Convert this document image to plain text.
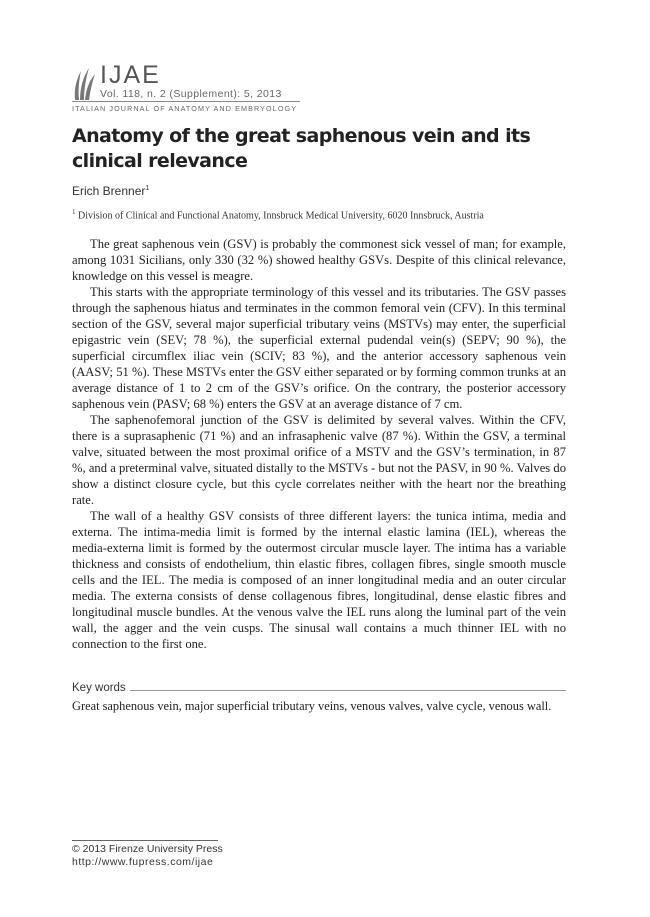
IJAE
Vol. 118, n. 2 (Supplement): 5, 2013
ITALIAN JOURNAL OF ANATOMY AND EMBRYOLOGY
Anatomy of the great saphenous vein and its clinical relevance
Erich Brenner$^1$
$^1$ Division of Clinical and Functional Anatomy, Innsbruck Medical University, 6020 Innsbruck, Austria

The great saphenous vein (GSV) is probably the commonest sick vessel of man; for example, among 1031 Sicilians, only 330 (32 %) showed healthy GSVs. Despite of this clinical relevance, knowledge on this vessel is meagre.

This starts with the appropriate terminology of this vessel and its tributaries. The GSV passes through the saphenous hiatus and terminates in the common femoral vein (CFV). In this terminal section of the GSV, several major superficial tributary veins (MSTVs) may enter, the superficial epigastric vein (SEV; 78 %), the superficial external pudendal vein(s) (SEPV; 90 %), the superficial circumflex iliac vein (SCIV; 83 %), and the anterior accessory saphenous vein (AASV; 51 %). These MSTVs enter the GSV either separated or by forming common trunks at an average distance of 1 to 2 cm of the GSV’s orifice. On the contrary, the posterior accessory saphenous vein (PASV; 68 %) enters the GSV at an average distance of 7 cm.

The saphenofemoral junction of the GSV is delimited by several valves. Within the CFV, there is a suprasaphenic (71 %) and an infrasaphenic valve (87 %). Within the GSV, a terminal valve, situated between the most proximal orifice of a MSTV and the GSV’s termination, in 87 %, and a preterminal valve, situated distally to the MSTVs - but not the PASV, in 90 %. Valves do show a distinct closure cycle, but this cycle correlates neither with the heart nor the breathing rate.

The wall of a healthy GSV consists of three different layers: the tunica intima, media and externa. The intima-media limit is formed by the internal elastic lamina (IEL), whereas the media-externa limit is formed by the outermost circular muscle layer. The intima has a variable thickness and consists of endothelium, thin elastic fibres, collagen fibres, single smooth muscle cells and the IEL. The media is composed of an inner longitudinal media and an outer circular media. The externa consists of dense collagenous fibres, longitudinal, dense elastic fibres and longitudinal muscle bundles. At the venous valve the IEL runs along the luminal part of the vein wall, the agger and the vein cusps. The sinusal wall contains a much thinner IEL with no connection to the first one.

Key words
Great saphenous vein, major superficial tributary veins, venous valves, valve cycle, venous wall.
© 2013 Firenze University Press
http://www.fupress.com/ijae
